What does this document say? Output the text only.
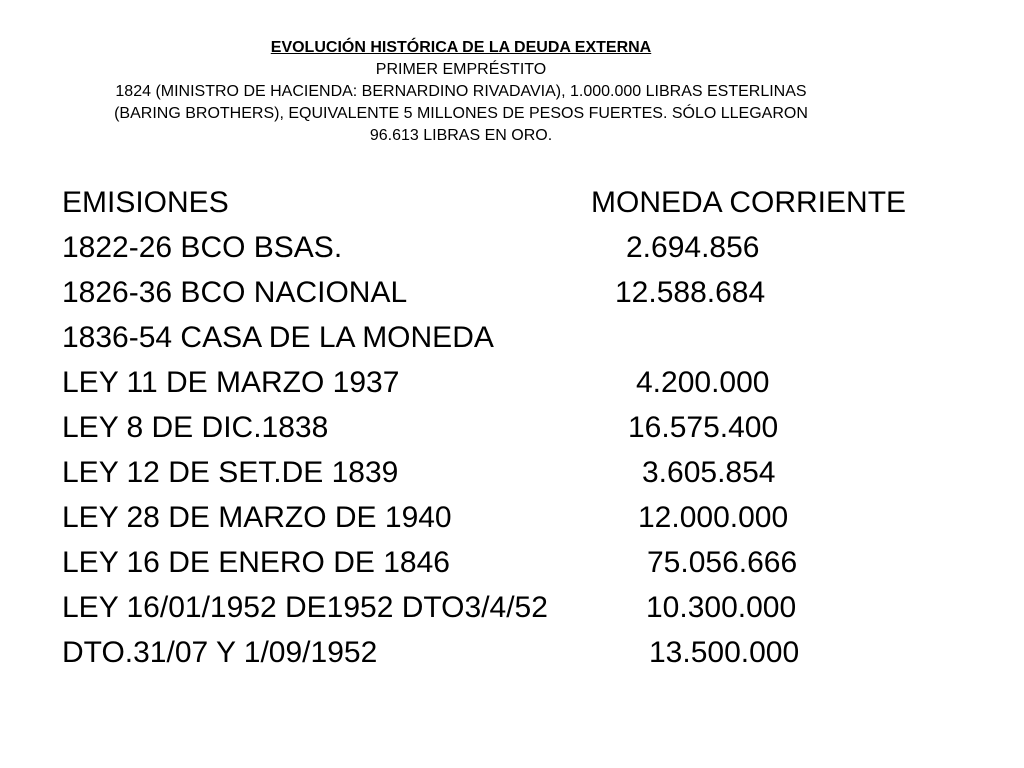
EVOLUCIÓN HISTÓRICA DE LA DEUDA EXTERNA
PRIMER EMPRÉSTITO
1824 (MINISTRO DE HACIENDA: BERNARDINO RIVADAVIA), 1.000.000 LIBRAS ESTERLINAS
(BARING BROTHERS), EQUIVALENTE 5 MILLONES DE PESOS FUERTES. SÓLO LLEGARON
96.613 LIBRAS EN ORO.
EMISIONES	MONEDA CORRIENTE
1822-26 BCO BSAS.	2.694.856
1826-36 BCO NACIONAL	12.588.684
1836-54 CASA DE LA MONEDA
LEY 11 DE MARZO 1937	4.200.000
LEY 8 DE DIC.1838	16.575.400
LEY 12 DE SET.DE 1839	3.605.854
LEY 28 DE MARZO DE 1940	12.000.000
LEY 16 DE ENERO DE 1846	75.056.666
LEY 16/01/1952 DE1952 DTO3/4/52	10.300.000
DTO.31/07 Y 1/09/1952	13.500.000
